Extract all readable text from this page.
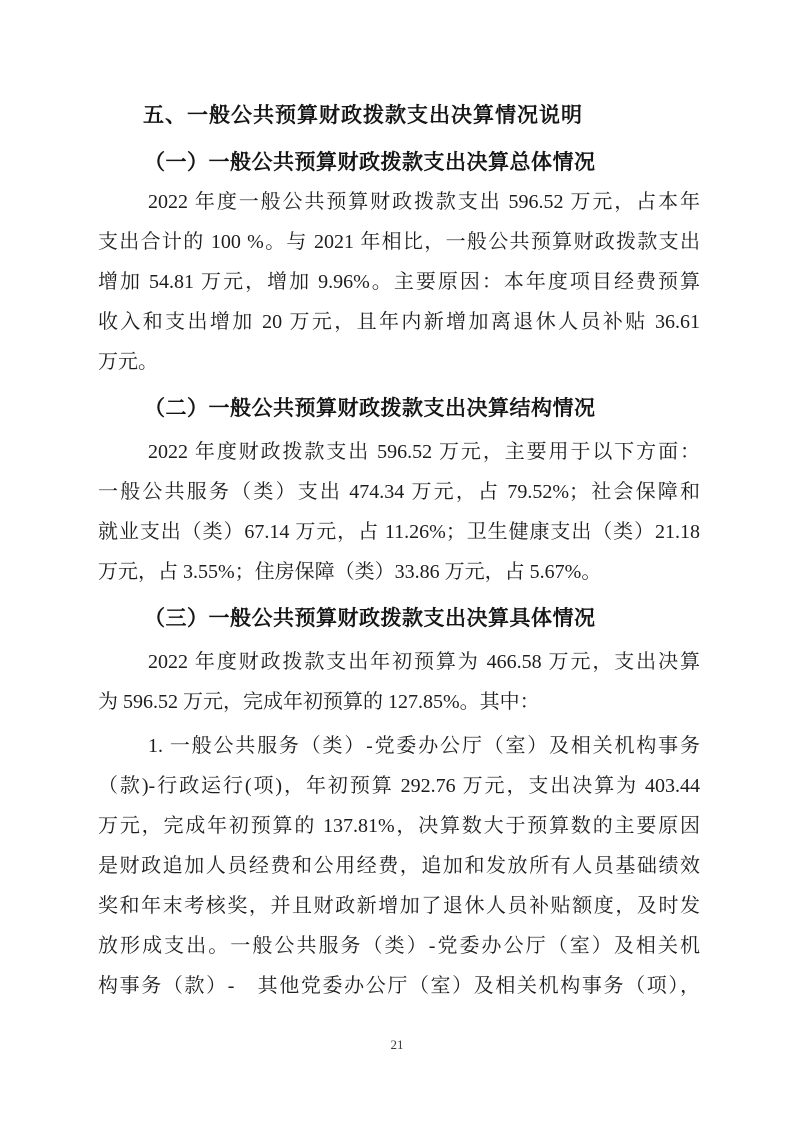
五、一般公共预算财政拨款支出决算情况说明
（一）一般公共预算财政拨款支出决算总体情况
2022 年度一般公共预算财政拨款支出 596.52 万元，占本年
支出合计的 100 %。与 2021 年相比，一般公共预算财政拨款支出
增加 54.81 万元，增加 9.96%。主要原因：本年度项目经费预算
收入和支出增加 20 万元，且年内新增加离退休人员补贴 36.61
万元。
（二）一般公共预算财政拨款支出决算结构情况
2022 年度财政拨款支出 596.52 万元，主要用于以下方面：
一般公共服务（类）支出 474.34 万元，占 79.52%；社会保障和
就业支出（类）67.14 万元，占 11.26%；卫生健康支出（类）21.18
万元，占 3.55%；住房保障（类）33.86 万元，占 5.67%。
（三）一般公共预算财政拨款支出决算具体情况
2022 年度财政拨款支出年初预算为 466.58 万元，支出决算
为 596.52 万元，完成年初预算的 127.85%。其中：
1. 一般公共服务（类）-党委办公厅（室）及相关机构事务
（款)-行政运行(项)，年初预算 292.76 万元，支出决算为 403.44
万元，完成年初预算的 137.81%，决算数大于预算数的主要原因
是财政追加人员经费和公用经费，追加和发放所有人员基础绩效
奖和年末考核奖，并且财政新增加了退休人员补贴额度，及时发
放形成支出。一般公共服务（类）-党委办公厅（室）及相关机
构事务（款）-　其他党委办公厅（室）及相关机构事务（项），
21
